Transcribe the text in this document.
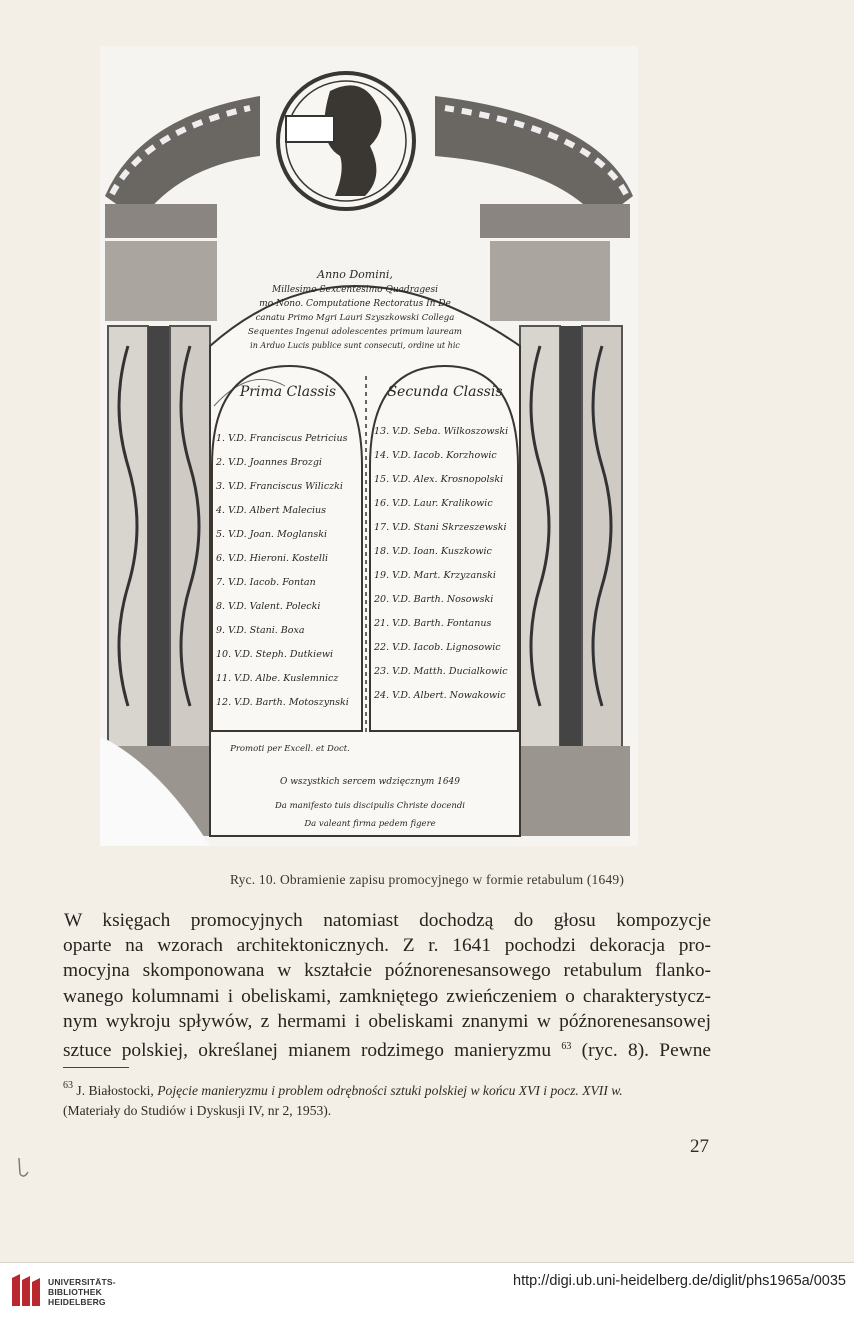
Anno Domini,
Millesimo Sexcentesimo Quadragesi
mo Nono. Computatione Rectoratus In De
canatu Primo Mgri Lauri Szyszkowski Collega
Sequentes Ingenui adolescentes primum lauream
in Arduo Lucis publice sunt consecuti, ordine ut hic
Prima Classis	Secunda Classis
1. V.D. Franciscus Petricius
2. V.D. Joannes Brozgi
3. V.D. Franciscus Wiliczki
4. V.D. Albert Malecius
5. V.D. Joan. Moglanski
6. V.D. Hieroni. Kostelli
7. V.D. Iacob. Fontan
8. V.D. Valent. Polecki
9. V.D. Stani. Boxa
10. V.D. Steph. Dutkiewi
11. V.D. Albe. Kuslemnicz
12. V.D. Barth. Motoszynski
13. V.D. Seba. Wilkoszowski
14. V.D. Iacob. Korzhowic
15. V.D. Alex. Krosnopolski
16. V.D. Laur. Kralikowic
17. V.D. Stani Skrzeszewski
18. V.D. Ioan. Kuszkowic
19. V.D. Mart. Krzyzanski
20. V.D. Barth. Nosowski
21. V.D. Barth. Fontanus
22. V.D. Iacob. Lignosowic
23. V.D. Matth. Ducialkowic
24. V.D. Albert. Nowakowic
Promoti per Excell. et Doct.
O wszystkich sercem wdzięcznym 1649
Da manifesto tuis discipulis Christe docendi
Da valeant firma pedem figere
Ryc. 10. Obramienie zapisu promocyjnego w formie retabulum (1649)
W księgach promocyjnych natomiast dochodzą do głosu kompozycje
oparte na wzorach architektonicznych. Z r. 1641 pochodzi dekoracja pro-
mocyjna skomponowana w kształcie późnorenesansowego retabulum flanko-
wanego kolumnami i obeliskami, zamkniętego zwieńczeniem o charakterystycz-
nym wykroju spływów, z hermami i obeliskami znanymi w późnorenesansowej
sztuce polskiej, określanej mianem rodzimego manieryzmu $^{63}$ (ryc. 8). Pewne
$^{63}$ J. Białostocki, Pojęcie manieryzmu i problem odrębności sztuki polskiej w końcu XVI i pocz. XVII w.
(Materiały do Studiów i Dyskusji IV, nr 2, 1953).
27
UNIVERSITÄTS-
BIBLIOTHEK
HEIDELBERG
http://digi.ub.uni-heidelberg.de/diglit/phs1965a/0035
